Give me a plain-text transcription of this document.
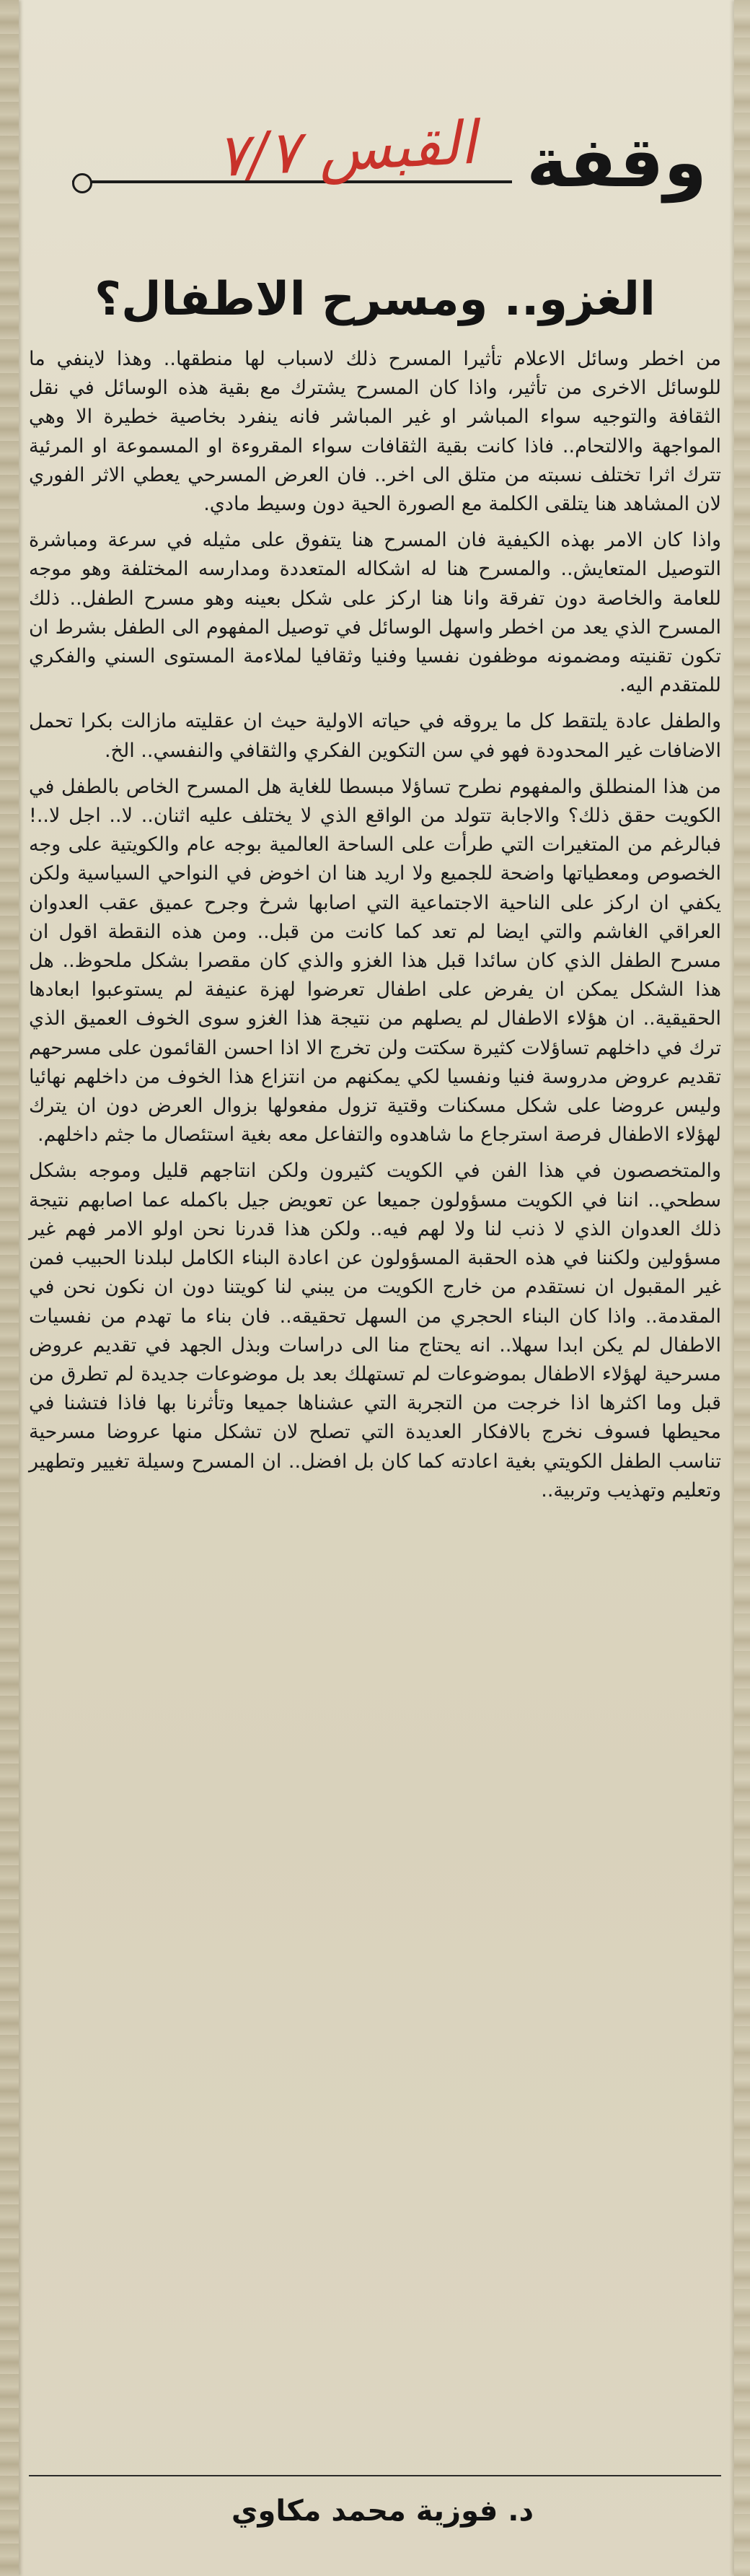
وقفة
القبس ٧/٧
الغزو.. ومسرح الاطفال؟

من اخطر وسائل الاعلام تأثيرا المسرح ذلك لاسباب لها منطقها.. وهذا لاينفي ما للوسائل الاخرى من تأثير، واذا كان المسرح يشترك مع بقية هذه الوسائل في نقل الثقافة والتوجيه سواء المباشر او غير المباشر فانه ينفرد بخاصية خطيرة الا وهي المواجهة والالتحام.. فاذا كانت بقية الثقافات سواء المقروءة او المسموعة او المرئية تترك اثرا تختلف نسبته من متلق الى اخر.. فان العرض المسرحي يعطي الاثر الفوري لان المشاهد هنا يتلقى الكلمة مع الصورة الحية دون وسيط مادي.

واذا كان الامر بهذه الكيفية فان المسرح هنا يتفوق على مثيله في سرعة ومباشرة التوصيل المتعايش.. والمسرح هنا له اشكاله المتعددة ومدارسه المختلفة وهو موجه للعامة والخاصة دون تفرقة وانا هنا اركز على شكل بعينه وهو مسرح الطفل.. ذلك المسرح الذي يعد من اخطر واسهل الوسائل في توصيل المفهوم الى الطفل بشرط ان تكون تقنيته ومضمونه موظفون نفسيا وفنيا وثقافيا لملاءمة المستوى السني والفكري للمتقدم اليه.

والطفل عادة يلتقط كل ما يروقه في حياته الاولية حيث ان عقليته مازالت بكرا تحمل الاضافات غير المحدودة فهو في سن التكوين الفكري والثقافي والنفسي.. الخ.

من هذا المنطلق والمفهوم نطرح تساؤلا مبسطا للغاية هل المسرح الخاص بالطفل في الكويت حقق ذلك؟ والاجابة تتولد من الواقع الذي لا يختلف عليه اثنان.. لا.. اجل لا..!فبالرغم من المتغيرات التي طرأت على الساحة العالمية بوجه عام والكويتية على وجه الخصوص ومعطياتها واضحة للجميع ولا اريد هنا ان اخوض في النواحي السياسية ولكن يكفي ان اركز على الناحية الاجتماعية التي اصابها شرخ وجرح عميق عقب العدوان العراقي الغاشم والتي ايضا لم تعد كما كانت من قبل.. ومن هذه النقطة اقول ان مسرح الطفل الذي كان سائدا قبل هذا الغزو والذي كان مقصرا بشكل ملحوظ.. هل هذا الشكل يمكن ان يفرض على اطفال تعرضوا لهزة عنيفة لم يستوعبوا ابعادها الحقيقية.. ان هؤلاء الاطفال لم يصلهم من نتيجة هذا الغزو سوى الخوف العميق الذي ترك في داخلهم تساؤلات كثيرة سكتت ولن تخرج الا اذا احسن القائمون على مسرحهم تقديم عروض مدروسة فنيا ونفسيا لكي يمكنهم من انتزاع هذا الخوف من داخلهم نهائيا وليس عروضا على شكل مسكنات وقتية تزول مفعولها بزوال العرض دون ان يترك لهؤلاء الاطفال فرصة استرجاع ما شاهدوه والتفاعل معه بغية استئصال ما جثم داخلهم.

والمتخصصون في هذا الفن في الكويت كثيرون ولكن انتاجهم قليل وموجه بشكل سطحي.. اننا في الكويت مسؤولون جميعا عن تعويض جيل باكمله عما اصابهم نتيجة ذلك العدوان الذي لا ذنب لنا ولا لهم فيه.. ولكن هذا قدرنا نحن اولو الامر فهم غير مسؤولين ولكننا في هذه الحقبة المسؤولون عن اعادة البناء الكامل لبلدنا الحبيب فمن غير المقبول ان نستقدم من خارج الكويت من يبني لنا كويتنا دون ان نكون نحن في المقدمة.. واذا كان البناء الحجري من السهل تحقيقه.. فان بناء ما تهدم من نفسيات الاطفال لم يكن ابدا سهلا.. انه يحتاج منا الى دراسات وبذل الجهد في تقديم عروض مسرحية لهؤلاء الاطفال بموضوعات لم تستهلك بعد بل موضوعات جديدة لم تطرق من قبل وما اكثرها اذا خرجت من التجربة التي عشناها جميعا وتأثرنا بها فاذا فتشنا في محيطها فسوف نخرج بالافكار العديدة التي تصلح لان تشكل منها عروضا مسرحية تناسب الطفل الكويتي بغية اعادته كما كان بل افضل.. ان المسرح وسيلة تغيير وتطهير وتعليم وتهذيب وتربية..

د. فوزية محمد مكاوي
